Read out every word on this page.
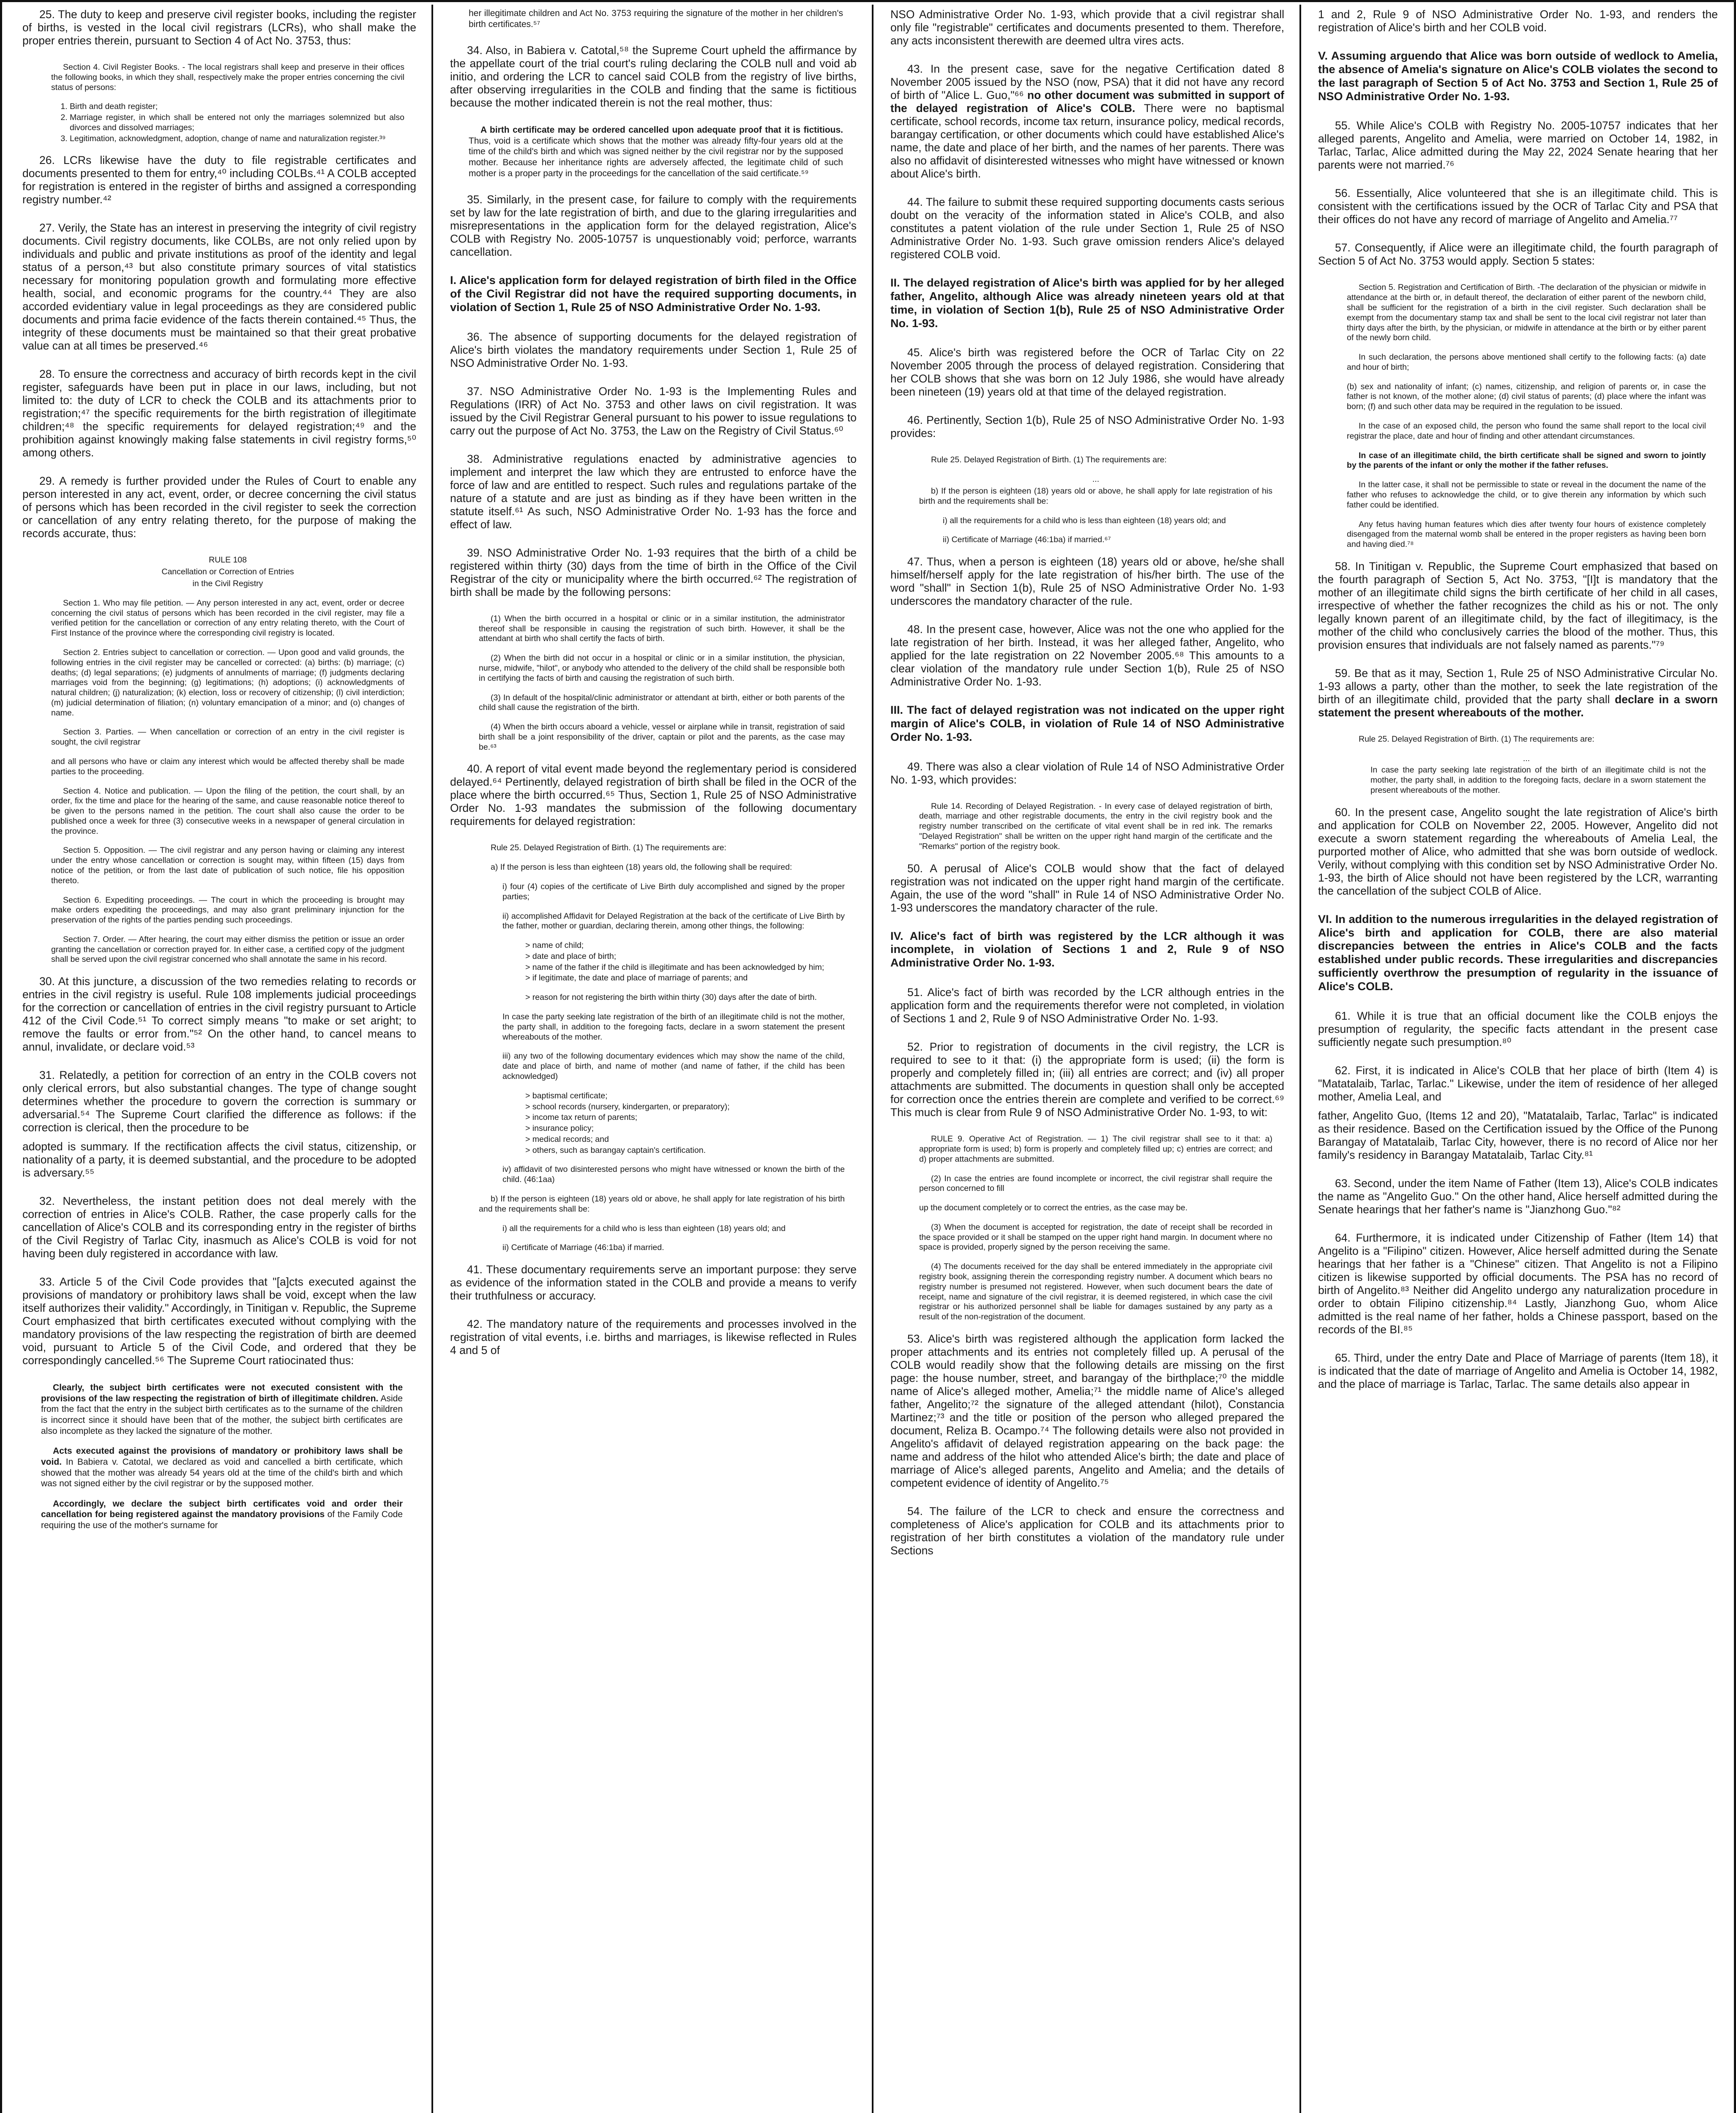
25. The duty to keep and preserve civil register books, including the register of births, is vested in the local civil registrars (LCRs), who shall make the proper entries therein, pursuant to Section 4 of Act No. 3753, thus:

Section 4. Civil Register Books. - The local registrars shall keep and preserve in their offices the following books, in which they shall, respectively make the proper entries concerning the civil status of persons:

1. Birth and death register;
2. Marriage register, in which shall be entered not only the marriages solemnized but also divorces and dissolved marriages;
3. Legitimation, acknowledgment, adoption, change of name and naturalization register.³⁹

26. LCRs likewise have the duty to file registrable certificates and documents presented to them for entry,⁴⁰ including COLBs.⁴¹ A COLB accepted for registration is entered in the register of births and assigned a corresponding registry number.⁴²

27. Verily, the State has an interest in preserving the integrity of civil registry documents. Civil registry documents, like COLBs, are not only relied upon by individuals and public and private institutions as proof of the identity and legal status of a person,⁴³ but also constitute primary sources of vital statistics necessary for monitoring population growth and formulating more effective health, social, and economic programs for the country.⁴⁴ They are also accorded evidentiary value in legal proceedings as they are considered public documents and prima facie evidence of the facts therein contained.⁴⁵ Thus, the integrity of these documents must be maintained so that their great probative value can at all times be preserved.⁴⁶

28. To ensure the correctness and accuracy of birth records kept in the civil register, safeguards have been put in place in our laws, including, but not limited to: the duty of LCR to check the COLB and its attachments prior to registration;⁴⁷ the specific requirements for the birth registration of illegitimate children;⁴⁸ the specific requirements for delayed registration;⁴⁹ and the prohibition against knowingly making false statements in civil registry forms,⁵⁰ among others.

29. A remedy is further provided under the Rules of Court to enable any person interested in any act, event, order, or decree concerning the civil status of persons which has been recorded in the civil register to seek the correction or cancellation of any entry relating thereto, for the purpose of making the records accurate, thus:

RULE 108

Cancellation or Correction of Entries

in the Civil Registry

Section 1. Who may file petition. — Any person interested in any act, event, order or decree concerning the civil status of persons which has been recorded in the civil register, may file a verified petition for the cancellation or correction of any entry relating thereto, with the Court of First Instance of the province where the corresponding civil registry is located.

Section 2. Entries subject to cancellation or correction. — Upon good and valid grounds, the following entries in the civil register may be cancelled or corrected: (a) births: (b) marriage; (c) deaths; (d) legal separations; (e) judgments of annulments of marriage; (f) judgments declaring marriages void from the beginning; (g) legitimations; (h) adoptions; (i) acknowledgments of natural children; (j) naturalization; (k) election, loss or recovery of citizenship; (l) civil interdiction; (m) judicial determination of filiation; (n) voluntary emancipation of a minor; and (o) changes of name.

Section 3. Parties. — When cancellation or correction of an entry in the civil register is sought, the civil registrar

and all persons who have or claim any interest which would be affected thereby shall be made parties to the proceeding.

Section 4. Notice and publication. — Upon the filing of the petition, the court shall, by an order, fix the time and place for the hearing of the same, and cause reasonable notice thereof to be given to the persons named in the petition. The court shall also cause the order to be published once a week for three (3) consecutive weeks in a newspaper of general circulation in the province.

Section 5. Opposition. — The civil registrar and any person having or claiming any interest under the entry whose cancellation or correction is sought may, within fifteen (15) days from notice of the petition, or from the last date of publication of such notice, file his opposition thereto.

Section 6. Expediting proceedings. — The court in which the proceeding is brought may make orders expediting the proceedings, and may also grant preliminary injunction for the preservation of the rights of the parties pending such proceedings.

Section 7. Order. — After hearing, the court may either dismiss the petition or issue an order granting the cancellation or correction prayed for. In either case, a certified copy of the judgment shall be served upon the civil registrar concerned who shall annotate the same in his record.

30. At this juncture, a discussion of the two remedies relating to records or entries in the civil registry is useful. Rule 108 implements judicial proceedings for the correction or cancellation of entries in the civil registry pursuant to Article 412 of the Civil Code.⁵¹ To correct simply means "to make or set aright; to remove the faults or error from."⁵² On the other hand, to cancel means to annul, invalidate, or declare void.⁵³

31. Relatedly, a petition for correction of an entry in the COLB covers not only clerical errors, but also substantial changes. The type of change sought determines whether the procedure to govern the correction is summary or adversarial.⁵⁴ The Supreme Court clarified the difference as follows: if the correction is clerical, then the procedure to be

adopted is summary. If the rectification affects the civil status, citizenship, or nationality of a party, it is deemed substantial, and the procedure to be adopted is adversary.⁵⁵

32. Nevertheless, the instant petition does not deal merely with the correction of entries in Alice's COLB. Rather, the case properly calls for the cancellation of Alice's COLB and its corresponding entry in the register of births of the Civil Registry of Tarlac City, inasmuch as Alice's COLB is void for not having been duly registered in accordance with law.

33. Article 5 of the Civil Code provides that "[a]cts executed against the provisions of mandatory or prohibitory laws shall be void, except when the law itself authorizes their validity." Accordingly, in Tinitigan v. Republic, the Supreme Court emphasized that birth certificates executed without complying with the mandatory provisions of the law respecting the registration of birth are deemed void, pursuant to Article 5 of the Civil Code, and ordered that they be correspondingly cancelled.⁵⁶ The Supreme Court ratiocinated thus:

Clearly, the subject birth certificates were not executed consistent with the provisions of the law respecting the registration of birth of illegitimate children. Aside from the fact that the entry in the subject birth certificates as to the surname of the children is incorrect since it should have been that of the mother, the subject birth certificates are also incomplete as they lacked the signature of the mother.

Acts executed against the provisions of mandatory or prohibitory laws shall be void. In Babiera v. Catotal, we declared as void and cancelled a birth certificate, which showed that the mother was already 54 years old at the time of the child's birth and which was not signed either by the civil registrar or by the supposed mother.

Accordingly, we declare the subject birth certificates void and order their cancellation for being registered against the mandatory provisions of the Family Code requiring the use of the mother's surname for

her illegitimate children and Act No. 3753 requiring the signature of the mother in her children's birth certificates.⁵⁷

34. Also, in Babiera v. Catotal,⁵⁸ the Supreme Court upheld the affirmance by the appellate court of the trial court's ruling declaring the COLB null and void ab initio, and ordering the LCR to cancel said COLB from the registry of live births, after observing irregularities in the COLB and finding that the same is fictitious because the mother indicated therein is not the real mother, thus:

A birth certificate may be ordered cancelled upon adequate proof that it is fictitious. Thus, void is a certificate which shows that the mother was already fifty-four years old at the time of the child's birth and which was signed neither by the civil registrar nor by the supposed mother. Because her inheritance rights are adversely affected, the legitimate child of such mother is a proper party in the proceedings for the cancellation of the said certificate.⁵⁹

35. Similarly, in the present case, for failure to comply with the requirements set by law for the late registration of birth, and due to the glaring irregularities and misrepresentations in the application form for the delayed registration, Alice's COLB with Registry No. 2005-10757 is unquestionably void; perforce, warrants cancellation.

I. Alice's application form for delayed registration of birth filed in the Office of the Civil Registrar did not have the required supporting documents, in violation of Section 1, Rule 25 of NSO Administrative Order No. 1-93.

36. The absence of supporting documents for the delayed registration of Alice's birth violates the mandatory requirements under Section 1, Rule 25 of NSO Administrative Order No. 1-93.

37. NSO Administrative Order No. 1-93 is the Implementing Rules and Regulations (IRR) of Act No. 3753 and other laws on civil registration. It was issued by the Civil Registrar General pursuant to his power to issue regulations to carry out the purpose of Act No. 3753, the Law on the Registry of Civil Status.⁶⁰

38. Administrative regulations enacted by administrative agencies to implement and interpret the law which they are entrusted to enforce have the force of law and are entitled to respect. Such rules and regulations partake of the nature of a statute and are just as binding as if they have been written in the statute itself.⁶¹ As such, NSO Administrative Order No. 1-93 has the force and effect of law.

39. NSO Administrative Order No. 1-93 requires that the birth of a child be registered within thirty (30) days from the time of birth in the Office of the Civil Registrar of the city or municipality where the birth occurred.⁶² The registration of birth shall be made by the following persons:

(1) When the birth occurred in a hospital or clinic or in a similar institution, the administrator thereof shall be responsible in causing the registration of such birth. However, it shall be the attendant at birth who shall certify the facts of birth.

(2) When the birth did not occur in a hospital or clinic or in a similar institution, the physician, nurse, midwife, "hilot", or anybody who attended to the delivery of the child shall be responsible both in certifying the facts of birth and causing the registration of such birth.

(3) In default of the hospital/clinic administrator or attendant at birth, either or both parents of the child shall cause the registration of the birth.

(4) When the birth occurs aboard a vehicle, vessel or airplane while in transit, registration of said birth shall be a joint responsibility of the driver, captain or pilot and the parents, as the case may be.⁶³

40. A report of vital event made beyond the reglementary period is considered delayed.⁶⁴ Pertinently, delayed registration of birth shall be filed in the OCR of the place where the birth occurred.⁶⁵ Thus, Section 1, Rule 25 of NSO Administrative Order No. 1-93 mandates the submission of the following documentary requirements for delayed registration:

Rule 25. Delayed Registration of Birth. (1) The requirements are:

a) If the person is less than eighteen (18) years old, the following shall be required:

i) four (4) copies of the certificate of Live Birth duly accomplished and signed by the proper parties;

ii) accomplished Affidavit for Delayed Registration at the back of the certificate of Live Birth by the father, mother or guardian, declaring therein, among other things, the following:

> name of child;

> date and place of birth;

> name of the father if the child is illegitimate and has been acknowledged by him;

> if legitimate, the date and place of marriage of parents; and

> reason for not registering the birth within thirty (30) days after the date of birth.

In case the party seeking late registration of the birth of an illegitimate child is not the mother, the party shall, in addition to the foregoing facts, declare in a sworn statement the present whereabouts of the mother.

iii) any two of the following documentary evidences which may show the name of the child, date and place of birth, and name of mother (and name of father, if the child has been acknowledged)

> baptismal certificate;

> school records (nursery, kindergarten, or preparatory);

> income tax return of parents;

> insurance policy;

> medical records; and

> others, such as barangay captain's certification.

iv) affidavit of two disinterested persons who might have witnessed or known the birth of the child. (46:1aa)

b) If the person is eighteen (18) years old or above, he shall apply for late registration of his birth and the requirements shall be:

i) all the requirements for a child who is less than eighteen (18) years old; and

ii) Certificate of Marriage (46:1ba) if married.

41. These documentary requirements serve an important purpose: they serve as evidence of the information stated in the COLB and provide a means to verify their truthfulness or accuracy.

42. The mandatory nature of the requirements and processes involved in the registration of vital events, i.e. births and marriages, is likewise reflected in Rules 4 and 5 of

NSO Administrative Order No. 1-93, which provide that a civil registrar shall only file "registrable" certificates and documents presented to them. Therefore, any acts inconsistent therewith are deemed ultra vires acts.

43. In the present case, save for the negative Certification dated 8 November 2005 issued by the NSO (now, PSA) that it did not have any record of birth of "Alice L. Guo,"⁶⁶ no other document was submitted in support of the delayed registration of Alice's COLB. There were no baptismal certificate, school records, income tax return, insurance policy, medical records, barangay certification, or other documents which could have established Alice's name, the date and place of her birth, and the names of her parents. There was also no affidavit of disinterested witnesses who might have witnessed or known about Alice's birth.

44. The failure to submit these required supporting documents casts serious doubt on the veracity of the information stated in Alice's COLB, and also constitutes a patent violation of the rule under Section 1, Rule 25 of NSO Administrative Order No. 1-93. Such grave omission renders Alice's delayed registered COLB void.

II. The delayed registration of Alice's birth was applied for by her alleged father, Angelito, although Alice was already nineteen years old at that time, in violation of Section 1(b), Rule 25 of NSO Administrative Order No. 1-93.

45. Alice's birth was registered before the OCR of Tarlac City on 22 November 2005 through the process of delayed registration. Considering that her COLB shows that she was born on 12 July 1986, she would have already been nineteen (19) years old at that time of the delayed registration.

46. Pertinently, Section 1(b), Rule 25 of NSO Administrative Order No. 1-93 provides:

Rule 25. Delayed Registration of Birth. (1) The requirements are:

...

b) If the person is eighteen (18) years old or above, he shall apply for late registration of his birth and the requirements shall be:

i) all the requirements for a child who is less than eighteen (18) years old; and

ii) Certificate of Marriage (46:1ba) if married.⁶⁷

47. Thus, when a person is eighteen (18) years old or above, he/she shall himself/herself apply for the late registration of his/her birth. The use of the word "shall" in Section 1(b), Rule 25 of NSO Administrative Order No. 1-93 underscores the mandatory character of the rule.

48. In the present case, however, Alice was not the one who applied for the late registration of her birth. Instead, it was her alleged father, Angelito, who applied for the late registration on 22 November 2005.⁶⁸ This amounts to a clear violation of the mandatory rule under Section 1(b), Rule 25 of NSO Administrative Order No. 1-93.

III. The fact of delayed registration was not indicated on the upper right margin of Alice's COLB, in violation of Rule 14 of NSO Administrative Order No. 1-93.

49. There was also a clear violation of Rule 14 of NSO Administrative Order No. 1-93, which provides:

Rule 14. Recording of Delayed Registration. - In every case of delayed registration of birth, death, marriage and other registrable documents, the entry in the civil registry book and the registry number transcribed on the certificate of vital event shall be in red ink. The remarks "Delayed Registration" shall be written on the upper right hand margin of the certificate and the "Remarks" portion of the registry book.

50. A perusal of Alice's COLB would show that the fact of delayed registration was not indicated on the upper right hand margin of the certificate. Again, the use of the word "shall" in Rule 14 of NSO Administrative Order No. 1-93 underscores the mandatory character of the rule.

IV. Alice's fact of birth was registered by the LCR although it was incomplete, in violation of Sections 1 and 2, Rule 9 of NSO Administrative Order No. 1-93.

51. Alice's fact of birth was recorded by the LCR although entries in the application form and the requirements therefor were not completed, in violation of Sections 1 and 2, Rule 9 of NSO Administrative Order No. 1-93.

52. Prior to registration of documents in the civil registry, the LCR is required to see to it that: (i) the appropriate form is used; (ii) the form is properly and completely filled in; (iii) all entries are correct; and (iv) all proper attachments are submitted. The documents in question shall only be accepted for correction once the entries therein are complete and verified to be correct.⁶⁹ This much is clear from Rule 9 of NSO Administrative Order No. 1-93, to wit:

RULE 9. Operative Act of Registration. — 1) The civil registrar shall see to it that: a) appropriate form is used; b) form is properly and completely filled up; c) entries are correct; and d) proper attachments are submitted.

(2) In case the entries are found incomplete or incorrect, the civil registrar shall require the person concerned to fill

up the document completely or to correct the entries, as the case may be.

(3) When the document is accepted for registration, the date of receipt shall be recorded in the space provided or it shall be stamped on the upper right hand margin. In document where no space is provided, properly signed by the person receiving the same.

(4) The documents received for the day shall be entered immediately in the appropriate civil registry book, assigning therein the corresponding registry number. A document which bears no registry number is presumed not registered. However, when such document bears the date of receipt, name and signature of the civil registrar, it is deemed registered, in which case the civil registrar or his authorized personnel shall be liable for damages sustained by any party as a result of the non-registration of the document.

53. Alice's birth was registered although the application form lacked the proper attachments and its entries not completely filled up. A perusal of the COLB would readily show that the following details are missing on the first page: the house number, street, and barangay of the birthplace;⁷⁰ the middle name of Alice's alleged mother, Amelia;⁷¹ the middle name of Alice's alleged father, Angelito;⁷² the signature of the alleged attendant (hilot), Constancia Martinez;⁷³ and the title or position of the person who alleged prepared the document, Reliza B. Ocampo.⁷⁴ The following details were also not provided in Angelito's affidavit of delayed registration appearing on the back page: the name and address of the hilot who attended Alice's birth; the date and place of marriage of Alice's alleged parents, Angelito and Amelia; and the details of competent evidence of identity of Angelito.⁷⁵

54. The failure of the LCR to check and ensure the correctness and completeness of Alice's application for COLB and its attachments prior to registration of her birth constitutes a violation of the mandatory rule under Sections

1 and 2, Rule 9 of NSO Administrative Order No. 1-93, and renders the registration of Alice's birth and her COLB void.

V. Assuming arguendo that Alice was born outside of wedlock to Amelia, the absence of Amelia's signature on Alice's COLB violates the second to the last paragraph of Section 5 of Act No. 3753 and Section 1, Rule 25 of NSO Administrative Order No. 1-93.

55. While Alice's COLB with Registry No. 2005-10757 indicates that her alleged parents, Angelito and Amelia, were married on October 14, 1982, in Tarlac, Tarlac, Alice admitted during the May 22, 2024 Senate hearing that her parents were not married.⁷⁶

56. Essentially, Alice volunteered that she is an illegitimate child. This is consistent with the certifications issued by the OCR of Tarlac City and PSA that their offices do not have any record of marriage of Angelito and Amelia.⁷⁷

57. Consequently, if Alice were an illegitimate child, the fourth paragraph of Section 5 of Act No. 3753 would apply. Section 5 states:

Section 5. Registration and Certification of Birth. -The declaration of the physician or midwife in attendance at the birth or, in default thereof, the declaration of either parent of the newborn child, shall be sufficient for the registration of a birth in the civil register. Such declaration shall be exempt from the documentary stamp tax and shall be sent to the local civil registrar not later than thirty days after the birth, by the physician, or midwife in attendance at the birth or by either parent of the newly born child.

In such declaration, the persons above mentioned shall certify to the following facts: (a) date and hour of birth;

(b) sex and nationality of infant; (c) names, citizenship, and religion of parents or, in case the father is not known, of the mother alone; (d) civil status of parents; (d) place where the infant was born; (f) and such other data may be required in the regulation to be issued.

In the case of an exposed child, the person who found the same shall report to the local civil registrar the place, date and hour of finding and other attendant circumstances.

In case of an illegitimate child, the birth certificate shall be signed and sworn to jointly by the parents of the infant or only the mother if the father refuses.

In the latter case, it shall not be permissible to state or reveal in the document the name of the father who refuses to acknowledge the child, or to give therein any information by which such father could be identified.

Any fetus having human features which dies after twenty four hours of existence completely disengaged from the maternal womb shall be entered in the proper registers as having been born and having died.⁷⁸

58. In Tinitigan v. Republic, the Supreme Court emphasized that based on the fourth paragraph of Section 5, Act No. 3753, "[I]t is mandatory that the mother of an illegitimate child signs the birth certificate of her child in all cases, irrespective of whether the father recognizes the child as his or not. The only legally known parent of an illegitimate child, by the fact of illegitimacy, is the mother of the child who conclusively carries the blood of the mother. Thus, this provision ensures that individuals are not falsely named as parents."⁷⁹

59. Be that as it may, Section 1, Rule 25 of NSO Administrative Circular No. 1-93 allows a party, other than the mother, to seek the late registration of the birth of an illegitimate child, provided that the party shall declare in a sworn statement the present whereabouts of the mother.

Rule 25. Delayed Registration of Birth. (1) The requirements are:

...

In case the party seeking late registration of the birth of an illegitimate child is not the mother, the party shall, in addition to the foregoing facts, declare in a sworn statement the present whereabouts of the mother.

60. In the present case, Angelito sought the late registration of Alice's birth and application for COLB on November 22, 2005. However, Angelito did not execute a sworn statement regarding the whereabouts of Amelia Leal, the purported mother of Alice, who admitted that she was born outside of wedlock. Verily, without complying with this condition set by NSO Administrative Order No. 1-93, the birth of Alice should not have been registered by the LCR, warranting the cancellation of the subject COLB of Alice.

VI. In addition to the numerous irregularities in the delayed registration of Alice's birth and application for COLB, there are also material discrepancies between the entries in Alice's COLB and the facts established under public records. These irregularities and discrepancies sufficiently overthrow the presumption of regularity in the issuance of Alice's COLB.

61. While it is true that an official document like the COLB enjoys the presumption of regularity, the specific facts attendant in the present case sufficiently negate such presumption.⁸⁰

62. First, it is indicated in Alice's COLB that her place of birth (Item 4) is "Matatalaib, Tarlac, Tarlac." Likewise, under the item of residence of her alleged mother, Amelia Leal, and

father, Angelito Guo, (Items 12 and 20), "Matatalaib, Tarlac, Tarlac" is indicated as their residence. Based on the Certification issued by the Office of the Punong Barangay of Matatalaib, Tarlac City, however, there is no record of Alice nor her family's residency in Barangay Matatalaib, Tarlac City.⁸¹

63. Second, under the item Name of Father (Item 13), Alice's COLB indicates the name as "Angelito Guo." On the other hand, Alice herself admitted during the Senate hearings that her father's name is "Jianzhong Guo."⁸²

64. Furthermore, it is indicated under Citizenship of Father (Item 14) that Angelito is a "Filipino" citizen. However, Alice herself admitted during the Senate hearings that her father is a "Chinese" citizen. That Angelito is not a Filipino citizen is likewise supported by official documents. The PSA has no record of birth of Angelito.⁸³ Neither did Angelito undergo any naturalization procedure in order to obtain Filipino citizenship.⁸⁴ Lastly, Jianzhong Guo, whom Alice admitted is the real name of her father, holds a Chinese passport, based on the records of the BI.⁸⁵

65. Third, under the entry Date and Place of Marriage of parents (Item 18), it is indicated that the date of marriage of Angelito and Amelia is October 14, 1982, and the place of marriage is Tarlac, Tarlac. The same details also appear in
